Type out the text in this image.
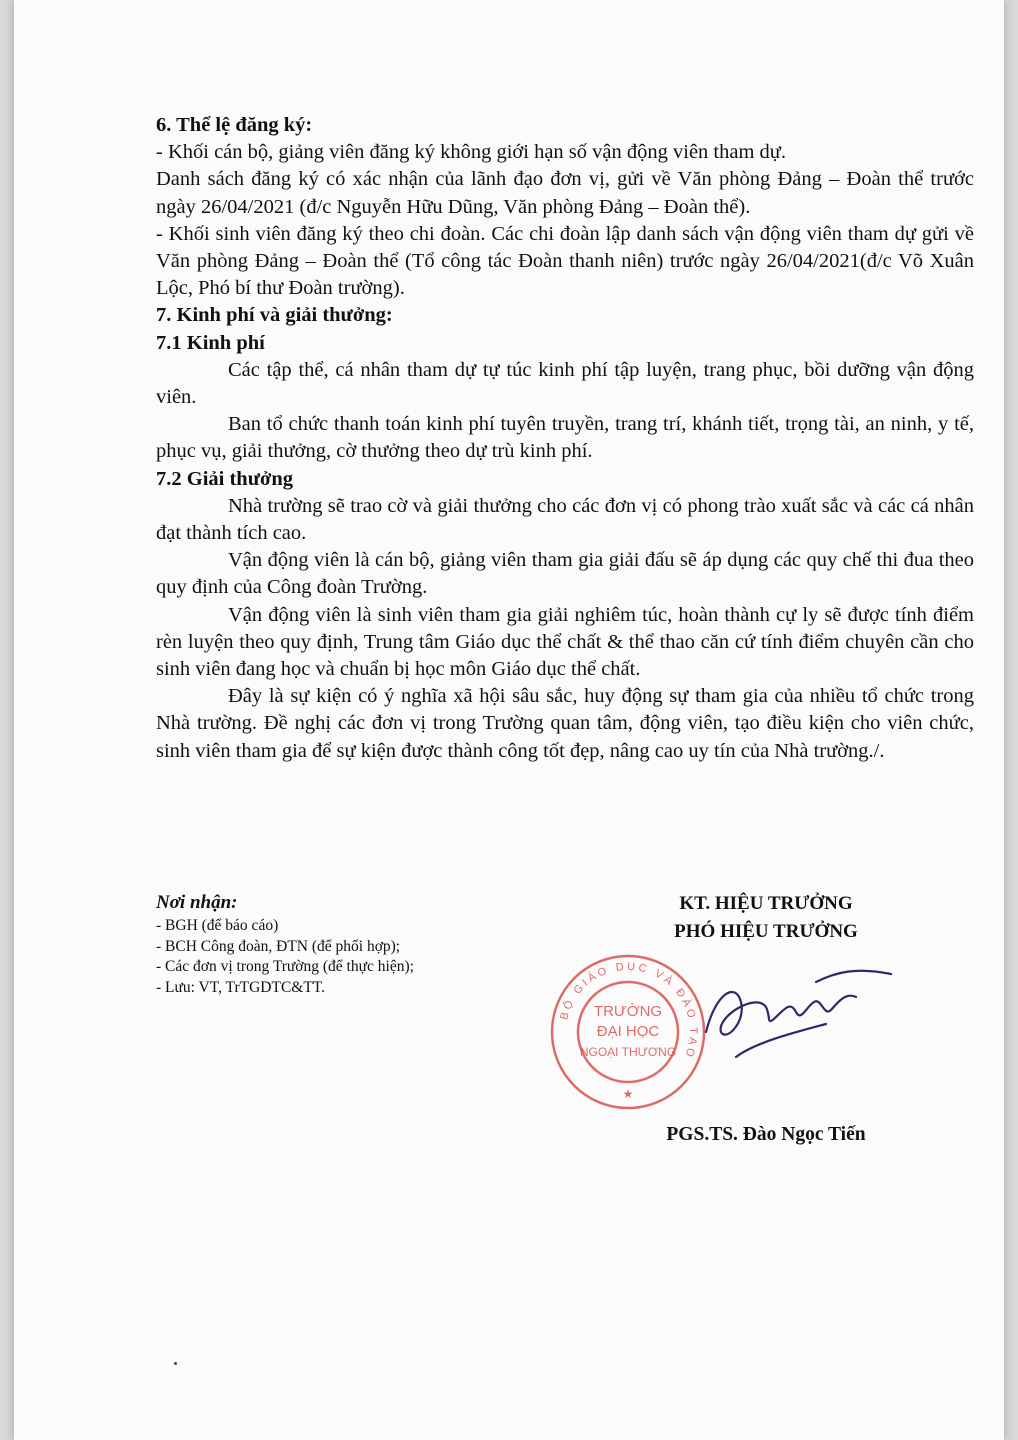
6. Thể lệ đăng ký:

- Khối cán bộ, giảng viên đăng ký không giới hạn số vận động viên tham dự.

Danh sách đăng ký có xác nhận của lãnh đạo đơn vị, gửi về Văn phòng Đảng – Đoàn thể trước ngày 26/04/2021 (đ/c Nguyễn Hữu Dũng, Văn phòng Đảng – Đoàn thể).

- Khối sinh viên đăng ký theo chi đoàn. Các chi đoàn lập danh sách vận động viên tham dự gửi về Văn phòng Đảng – Đoàn thể (Tổ công tác Đoàn thanh niên) trước ngày 26/04/2021(đ/c Võ Xuân Lộc, Phó bí thư Đoàn trường).

7. Kinh phí và giải thưởng:

7.1 Kinh phí

Các tập thể, cá nhân tham dự tự túc kinh phí tập luyện, trang phục, bồi dưỡng vận động viên.

Ban tổ chức thanh toán kinh phí tuyên truyền, trang trí, khánh tiết, trọng tài, an ninh, y tế, phục vụ, giải thưởng, cờ thưởng theo dự trù kinh phí.

7.2 Giải thưởng

Nhà trường sẽ trao cờ và giải thưởng cho các đơn vị có phong trào xuất sắc và các cá nhân đạt thành tích cao.

Vận động viên là cán bộ, giảng viên tham gia giải đấu sẽ áp dụng các quy chế thi đua theo quy định của Công đoàn Trường.

Vận động viên là sinh viên tham gia giải nghiêm túc, hoàn thành cự ly sẽ được tính điểm rèn luyện theo quy định, Trung tâm Giáo dục thể chất & thể thao căn cứ tính điểm chuyên cần cho sinh viên đang học và chuẩn bị học môn Giáo dục thể chất.

Đây là sự kiện có ý nghĩa xã hội sâu sắc, huy động sự tham gia của nhiều tổ chức trong Nhà trường. Đề nghị các đơn vị trong Trường quan tâm, động viên, tạo điều kiện cho viên chức, sinh viên tham gia để sự kiện được thành công tốt đẹp, nâng cao uy tín của Nhà trường./.

Nơi nhận:
- BGH (để báo cáo)
- BCH Công đoàn, ĐTN (để phối hợp);
- Các đơn vị trong Trường (để thực hiện);
- Lưu: VT, TrTGDTC&TT.
KT. HIỆU TRƯỞNG
PHÓ HIỆU TRƯỞNG
BỘ GIÁO DỤC VÀ ĐÀO TẠO
TRƯỜNG
ĐẠI HỌC
NGOẠI THƯƠNG
★
PGS.TS. Đào Ngọc Tiến
